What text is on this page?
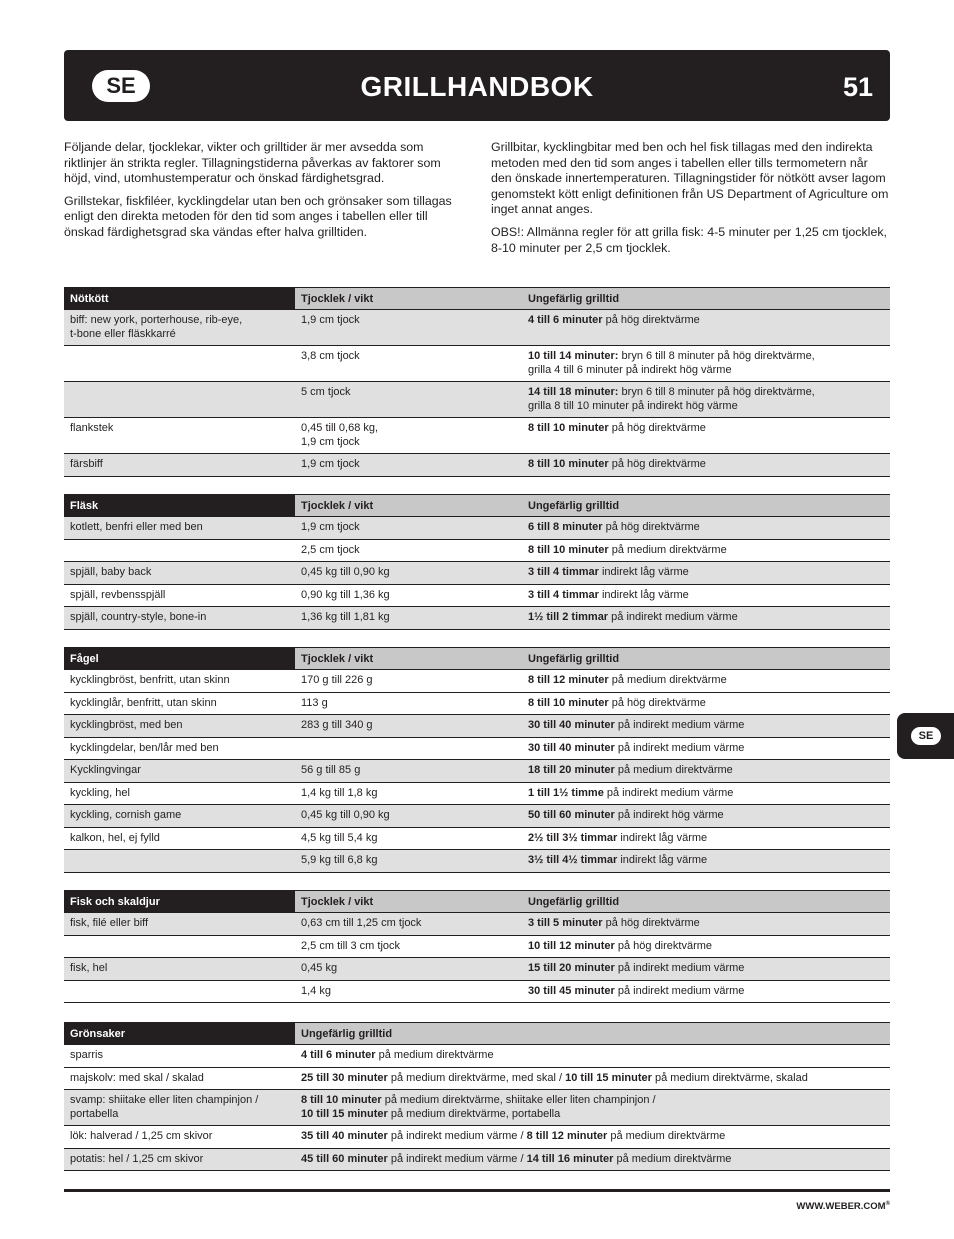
SE	GRILLHANDBOK	51

Följande delar, tjocklekar, vikter och grilltider är mer avsedda som riktlinjer än strikta regler. Tillagningstiderna påverkas av faktorer som höjd, vind, utomhustemperatur och önskad färdighetsgrad.

Grillstekar, fiskfiléer, kycklingdelar utan ben och grönsaker som tillagas enligt den direkta metoden för den tid som anges i tabellen eller till önskad färdighetsgrad ska vändas efter halva grilltiden.

Grillbitar, kycklingbitar med ben och hel fisk tillagas med den indirekta metoden med den tid som anges i tabellen eller tills termometern når den önskade innertemperaturen. Tillagningstider för nötkött avser lagom genomstekt kött enligt definitionen från US Department of Agriculture om inget annat anges.

OBS!: Allmänna regler för att grilla fisk: 4-5 minuter per 1,25 cm tjocklek, 8-10 minuter per 2,5 cm tjocklek.

Nötkött	Tjocklek / vikt	Ungefärlig grilltid
biff: new york, porterhouse, rib-eye,
t-bone eller fläskkarré	1,9 cm tjock	4 till 6 minuter på hög direktvärme
	3,8 cm tjock	10 till 14 minuter: bryn 6 till 8 minuter på hög direktvärme,
grilla 4 till 6 minuter på indirekt hög värme
	5 cm tjock	14 till 18 minuter: bryn 6 till 8 minuter på hög direktvärme,
grilla 8 till 10 minuter på indirekt hög värme
flankstek	0,45 till 0,68 kg,
1,9 cm tjock	8 till 10 minuter på hög direktvärme
färsbiff	1,9 cm tjock	8 till 10 minuter på hög direktvärme
Fläsk	Tjocklek / vikt	Ungefärlig grilltid
kotlett, benfri eller med ben	1,9 cm tjock	6 till 8 minuter på hög direktvärme
	2,5 cm tjock	8 till 10 minuter på medium direktvärme
spjäll, baby back	0,45 kg till 0,90 kg	3 till 4 timmar indirekt låg värme
spjäll, revbensspjäll	0,90 kg till 1,36 kg	3 till 4 timmar indirekt låg värme
spjäll, country-style, bone-in	1,36 kg till 1,81 kg	1½ till 2 timmar på indirekt medium värme
Fågel	Tjocklek / vikt	Ungefärlig grilltid
kycklingbröst, benfritt, utan skinn	170 g till 226 g	8 till 12 minuter på medium direktvärme
kycklinglår, benfritt, utan skinn	113 g	8 till 10 minuter på hög direktvärme
kycklingbröst, med ben	283 g till 340 g	30 till 40 minuter på indirekt medium värme
kycklingdelar, ben/lår med ben		30 till 40 minuter på indirekt medium värme
Kycklingvingar	56 g till 85 g	18 till 20 minuter på medium direktvärme
kyckling, hel	1,4 kg till 1,8 kg	1 till 1½ timme på indirekt medium värme
kyckling, cornish game	0,45 kg till 0,90 kg	50 till 60 minuter på indirekt hög värme
kalkon, hel, ej fylld	4,5 kg till 5,4 kg	2½ till 3½ timmar indirekt låg värme
	5,9 kg till 6,8 kg	3½ till 4½ timmar indirekt låg värme
Fisk och skaldjur	Tjocklek / vikt	Ungefärlig grilltid
fisk, filé eller biff	0,63 cm till 1,25 cm tjock	3 till 5 minuter på hög direktvärme
	2,5 cm till 3 cm tjock	10 till 12 minuter på hög direktvärme
fisk, hel	0,45 kg	15 till 20 minuter på indirekt medium värme
	1,4 kg	30 till 45 minuter på indirekt medium värme
Grönsaker	Ungefärlig grilltid
sparris	4 till 6 minuter på medium direktvärme
majskolv: med skal / skalad	25 till 30 minuter på medium direktvärme, med skal / 10 till 15 minuter på medium direktvärme, skalad
svamp: shiitake eller liten champinjon /
portabella	8 till 10 minuter på medium direktvärme, shiitake eller liten champinjon /
10 till 15 minuter på medium direktvärme, portabella
lök: halverad / 1,25 cm skivor	35 till 40 minuter på indirekt medium värme / 8 till 12 minuter på medium direktvärme
potatis: hel / 1,25 cm skivor	45 till 60 minuter på indirekt medium värme / 14 till 16 minuter på medium direktvärme
SE
WWW.WEBER.COM®
